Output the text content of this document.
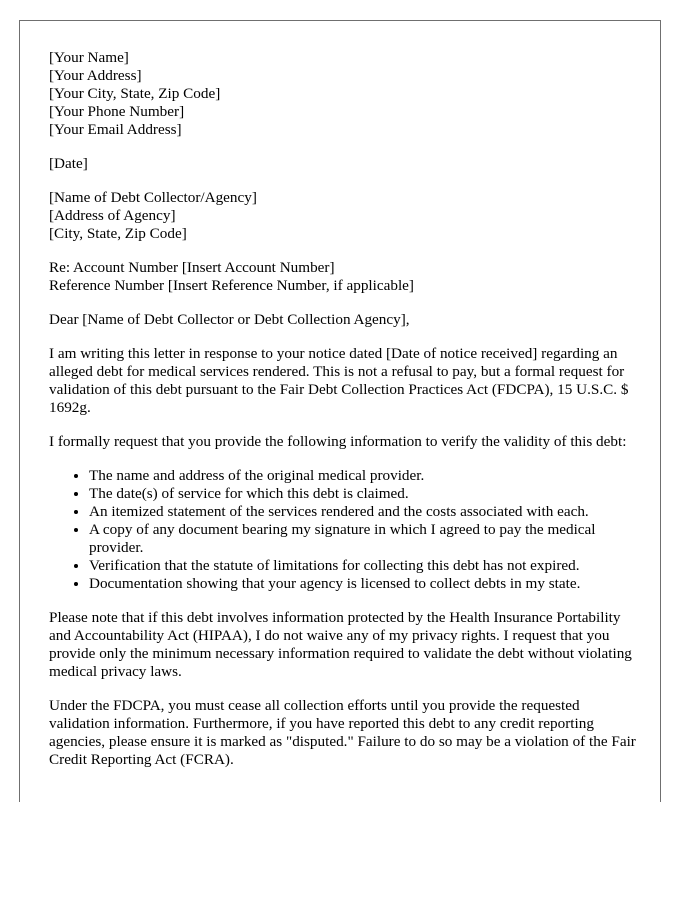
[Your Name]
[Your Address]
[Your City, State, Zip Code]
[Your Phone Number]
[Your Email Address]
[Date]
[Name of Debt Collector/Agency]
[Address of Agency]
[City, State, Zip Code]
Re: Account Number [Insert Account Number]
Reference Number [Insert Reference Number, if applicable]

Dear [Name of Debt Collector or Debt Collection Agency],

I am writing this letter in response to your notice dated [Date of notice received] regarding an alleged debt for medical services rendered. This is not a refusal to pay, but a formal request for validation of this debt pursuant to the Fair Debt Collection Practices Act (FDCPA), 15 U.S.C. $ 1692g.

I formally request that you provide the following information to verify the validity of this debt:

• The name and address of the original medical provider.
• The date(s) of service for which this debt is claimed.
• An itemized statement of the services rendered and the costs associated with each.
• A copy of any document bearing my signature in which I agreed to pay the medical provider.
• Verification that the statute of limitations for collecting this debt has not expired.
• Documentation showing that your agency is licensed to collect debts in my state.

Please note that if this debt involves information protected by the Health Insurance Portability and Accountability Act (HIPAA), I do not waive any of my privacy rights. I request that you provide only the minimum necessary information required to validate the debt without violating medical privacy laws.

Under the FDCPA, you must cease all collection efforts until you provide the requested validation information. Furthermore, if you have reported this debt to any credit reporting agencies, please ensure it is marked as "disputed." Failure to do so may be a violation of the Fair Credit Reporting Act (FCRA).
